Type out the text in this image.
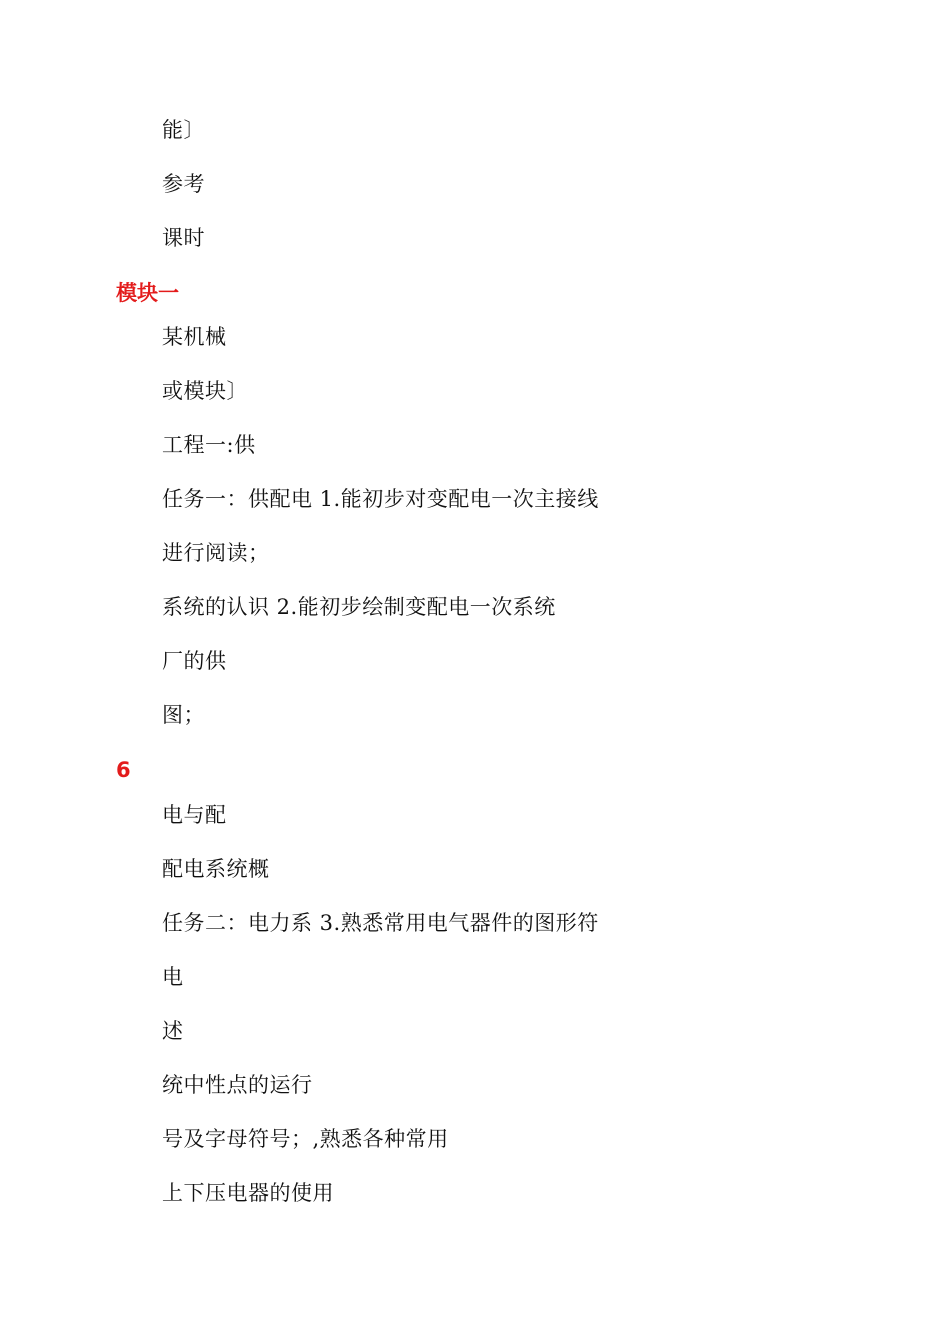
能〕
参考
课时
模块一
某机械
或模块〕
工程一:供
任务一：供配电 1.能初步对变配电一次主接线
进行阅读；
系统的认识 2.能初步绘制变配电一次系统
厂的供
图；
6
电与配
配电系统概
任务二：电力系 3.熟悉常用电气器件的图形符
电
述
统中性点的运行
号及字母符号；,熟悉各种常用
上下压电器的使用
